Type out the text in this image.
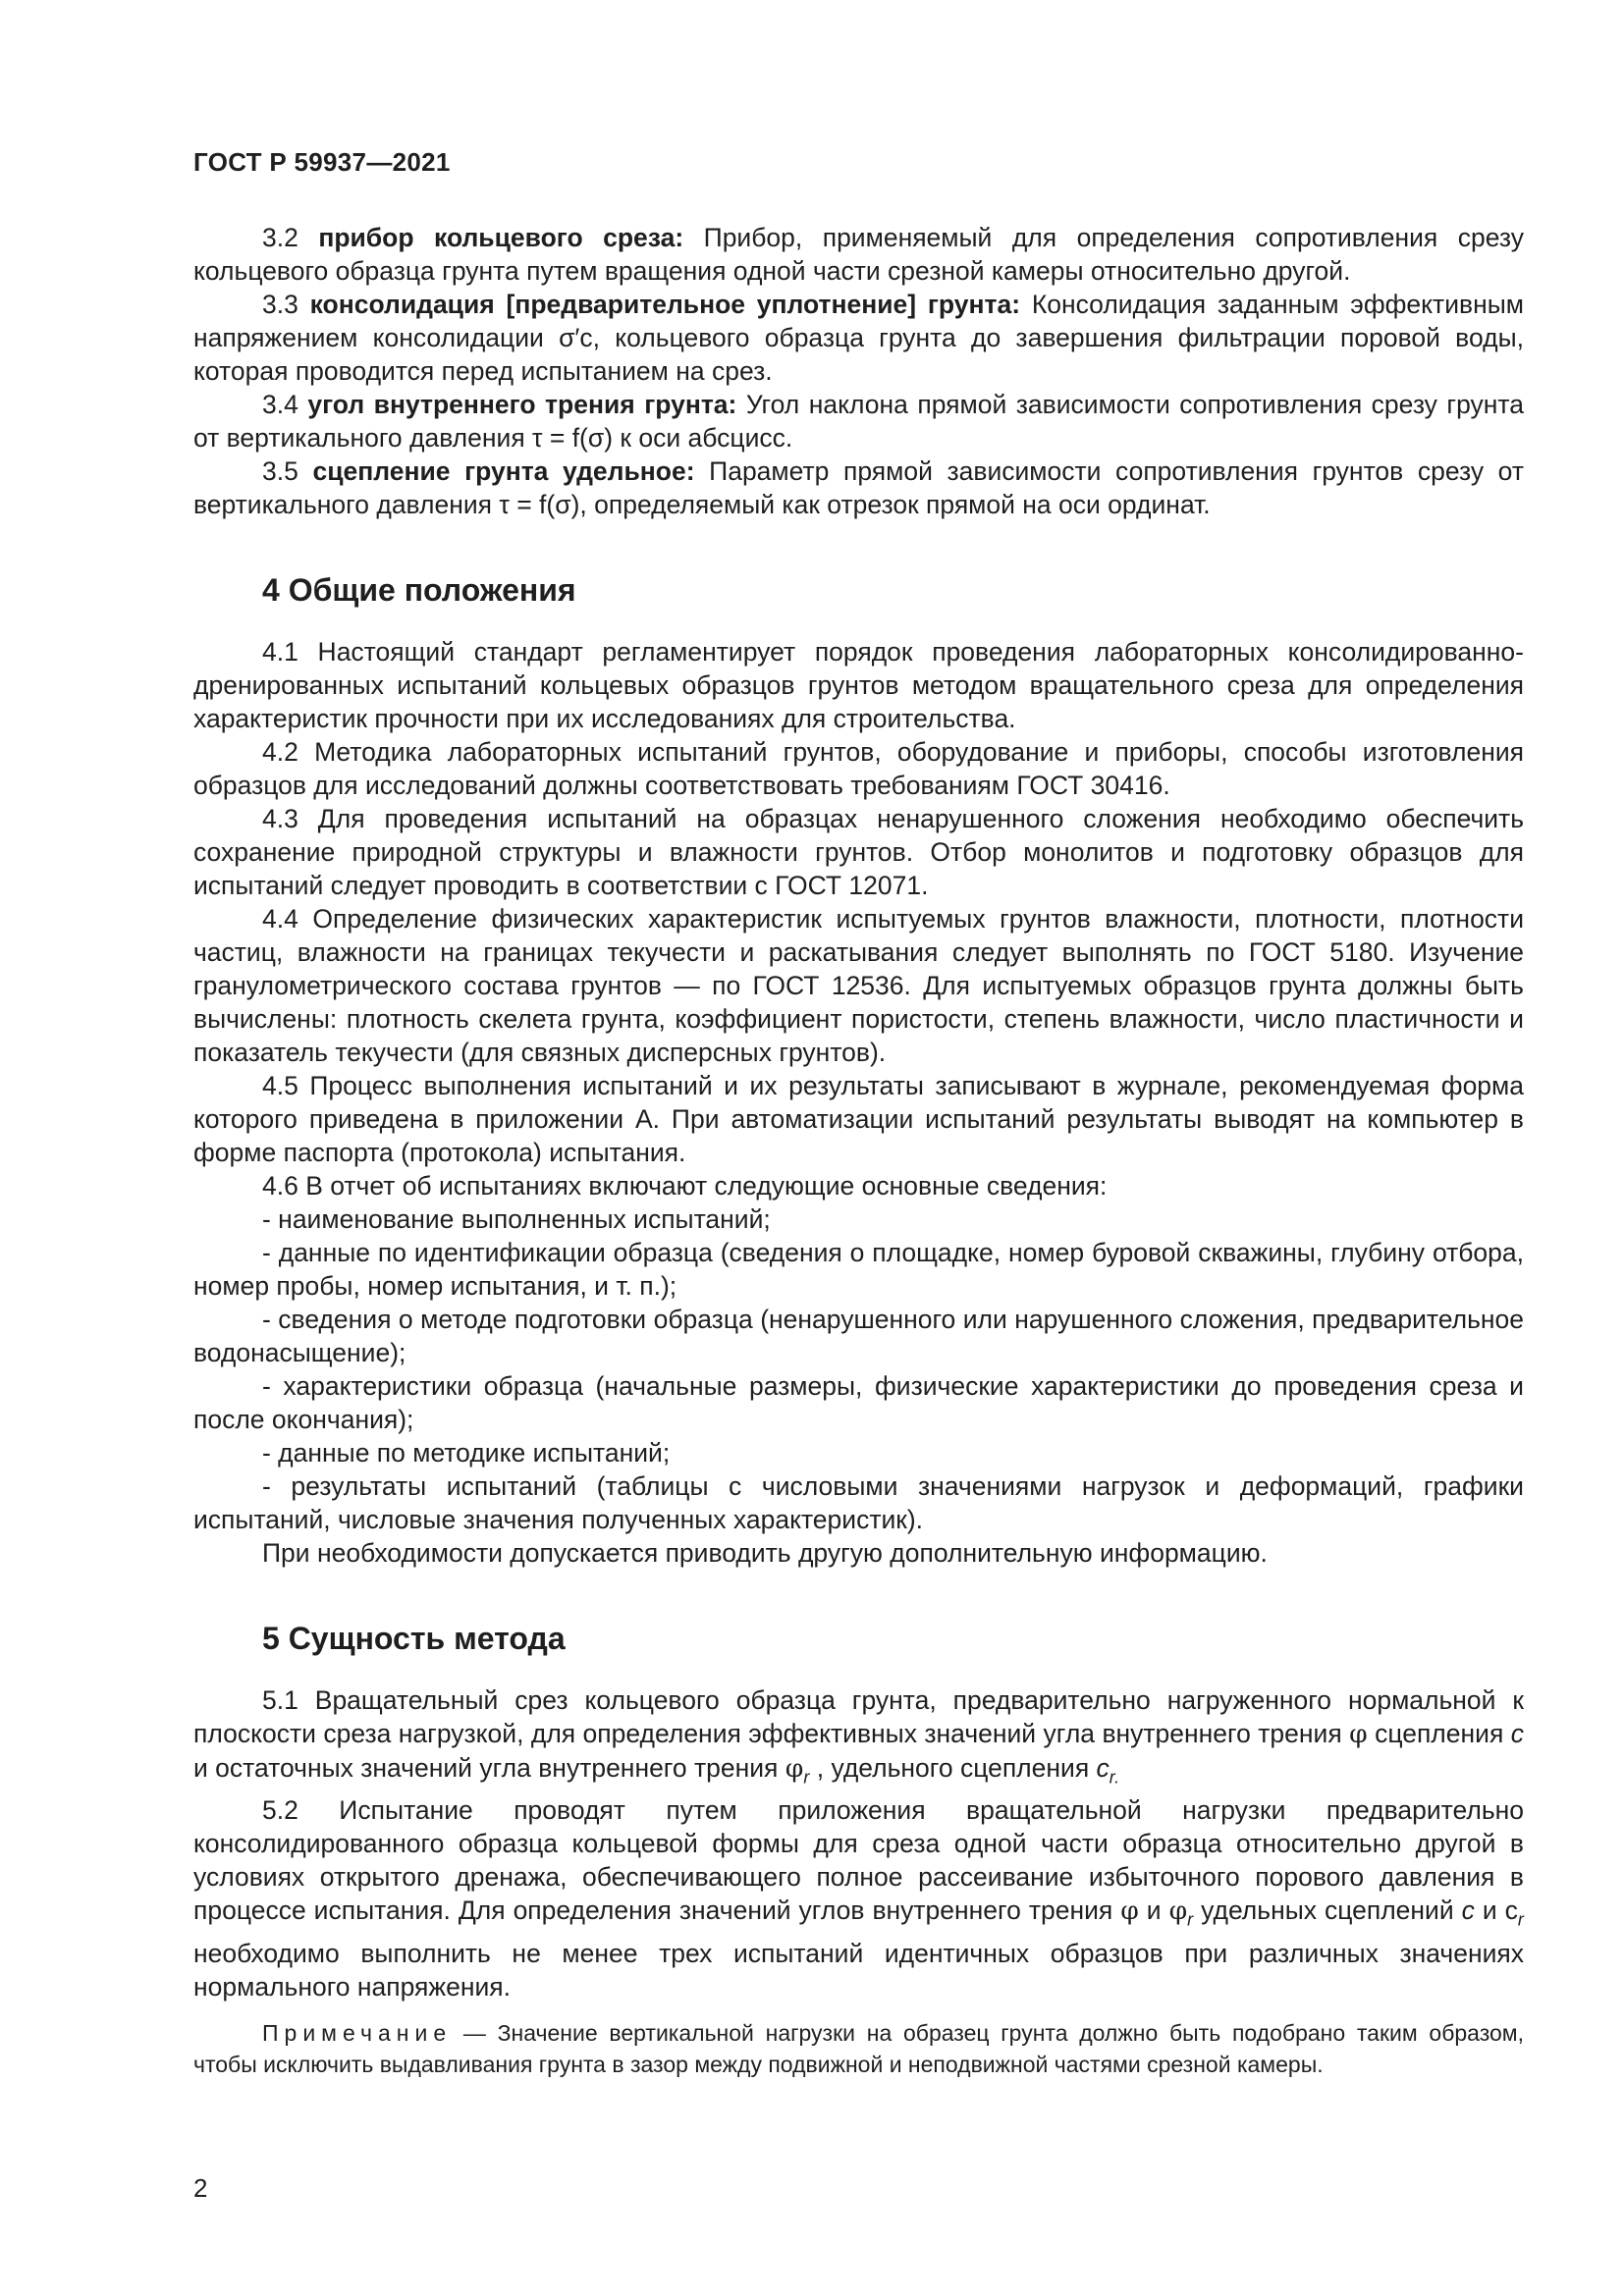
ГОСТ Р 59937—2021

3.2 прибор кольцевого среза: Прибор, применяемый для определения сопротивления срезу кольцевого образца грунта путем вращения одной части срезной камеры относительно другой.

3.3 консолидация [предварительное уплотнение] грунта: Консолидация заданным эффективным напряжением консолидации σ′c, кольцевого образца грунта до завершения фильтрации поровой воды, которая проводится перед испытанием на срез.

3.4 угол внутреннего трения грунта: Угол наклона прямой зависимости сопротивления срезу грунта от вертикального давления τ = f(σ) к оси абсцисс.

3.5 сцепление грунта удельное: Параметр прямой зависимости сопротивления грунтов срезу от вертикального давления τ = f(σ), определяемый как отрезок прямой на оси ординат.

4 Общие положения

4.1 Настоящий стандарт регламентирует порядок проведения лабораторных консолидированно-дренированных испытаний кольцевых образцов грунтов методом вращательного среза для определения характеристик прочности при их исследованиях для строительства.

4.2 Методика лабораторных испытаний грунтов, оборудование и приборы, способы изготовления образцов для исследований должны соответствовать требованиям ГОСТ 30416.

4.3 Для проведения испытаний на образцах ненарушенного сложения необходимо обеспечить сохранение природной структуры и влажности грунтов. Отбор монолитов и подготовку образцов для испытаний следует проводить в соответствии с ГОСТ 12071.

4.4 Определение физических характеристик испытуемых грунтов влажности, плотности, плотности частиц, влажности на границах текучести и раскатывания следует выполнять по ГОСТ 5180. Изучение гранулометрического состава грунтов — по ГОСТ 12536. Для испытуемых образцов грунта должны быть вычислены: плотность скелета грунта, коэффициент пористости, степень влажности, число пластичности и показатель текучести (для связных дисперсных грунтов).

4.5 Процесс выполнения испытаний и их результаты записывают в журнале, рекомендуемая форма которого приведена в приложении А. При автоматизации испытаний результаты выводят на компьютер в форме паспорта (протокола) испытания.

4.6 В отчет об испытаниях включают следующие основные сведения:

- наименование выполненных испытаний;

- данные по идентификации образца (сведения о площадке, номер буровой скважины, глубину отбора, номер пробы, номер испытания, и т. п.);

- сведения о методе подготовки образца (ненарушенного или нарушенного сложения, предварительное водонасыщение);

- характеристики образца (начальные размеры, физические характеристики до проведения среза и после окончания);

- данные по методике испытаний;

- результаты испытаний (таблицы с числовыми значениями нагрузок и деформаций, графики испытаний, числовые значения полученных характеристик).

При необходимости допускается приводить другую дополнительную информацию.

5 Сущность метода

5.1 Вращательный срез кольцевого образца грунта, предварительно нагруженного нормальной к плоскости среза нагрузкой, для определения эффективных значений угла внутреннего трения φ сцепления c и остаточных значений угла внутреннего трения $\varphi_r$ , удельного сцепления $c_{r.}$

5.2 Испытание проводят путем приложения вращательной нагрузки предварительно консолидированного образца кольцевой формы для среза одной части образца относительно другой в условиях открытого дренажа, обеспечивающего полное рассеивание избыточного порового давления в процессе испытания. Для определения значений углов внутреннего трения φ и $\varphi_r$ удельных сцеплений c и $c_r$ необходимо выполнить не менее трех испытаний идентичных образцов при различных значениях нормального напряжения.

Примечание — Значение вертикальной нагрузки на образец грунта должно быть подобрано таким образом, чтобы исключить выдавливания грунта в зазор между подвижной и неподвижной частями срезной камеры.

2
